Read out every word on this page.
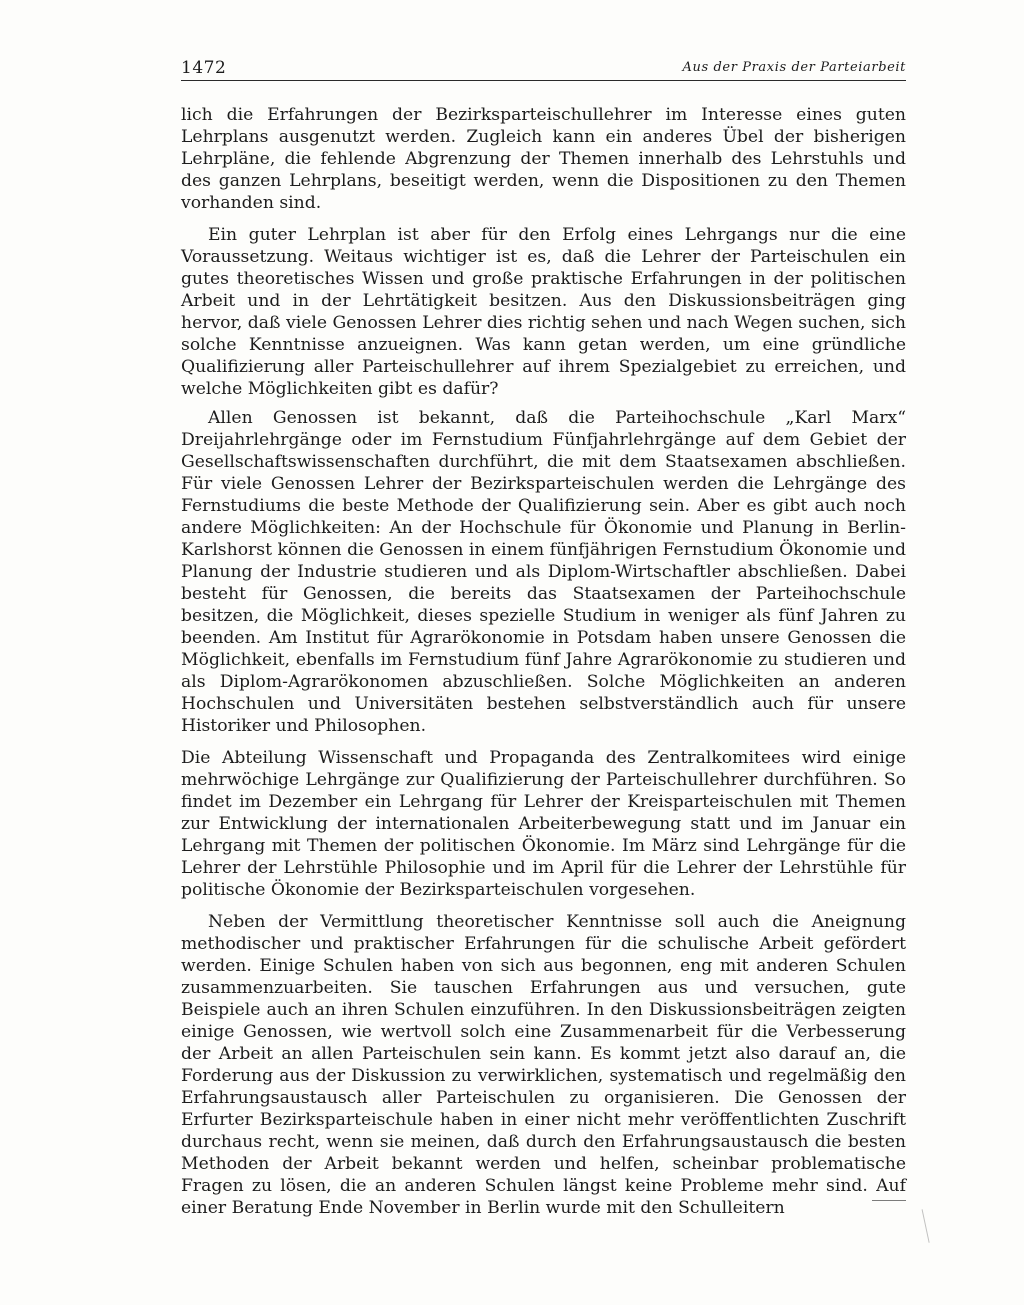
1472	Aus der Praxis der Parteiarbeit

lich die Erfahrungen der Bezirksparteischullehrer im Interesse eines guten Lehrplans ausgenutzt werden. Zugleich kann ein anderes Übel der bisherigen Lehrpläne, die fehlende Abgrenzung der Themen innerhalb des Lehrstuhls und des ganzen Lehrplans, beseitigt werden, wenn die Dispositionen zu den Themen vorhanden sind.

Ein guter Lehrplan ist aber für den Erfolg eines Lehrgangs nur die eine Voraussetzung. Weitaus wichtiger ist es, daß die Lehrer der Parteischulen ein gutes theoretisches Wissen und große praktische Erfahrungen in der politischen Arbeit und in der Lehrtätigkeit besitzen. Aus den Diskussionsbeiträgen ging hervor, daß viele Genossen Lehrer dies richtig sehen und nach Wegen suchen, sich solche Kenntnisse anzueignen. Was kann getan werden, um eine gründliche Qualifizierung aller Parteischullehrer auf ihrem Spezialgebiet zu erreichen, und welche Möglichkeiten gibt es dafür?

Allen Genossen ist bekannt, daß die Parteihochschule „Karl Marx“ Dreijahrlehrgänge oder im Fernstudium Fünfjahrlehrgänge auf dem Gebiet der Gesellschaftswissenschaften durchführt, die mit dem Staatsexamen abschließen. Für viele Genossen Lehrer der Bezirksparteischulen werden die Lehrgänge des Fernstudiums die beste Methode der Qualifizierung sein. Aber es gibt auch noch andere Möglichkeiten: An der Hochschule für Ökonomie und Planung in Berlin-Karlshorst können die Genossen in einem fünfjährigen Fernstudium Ökonomie und Planung der Industrie studieren und als Diplom-Wirtschaftler abschließen. Dabei besteht für Genossen, die bereits das Staatsexamen der Parteihochschule besitzen, die Möglichkeit, dieses spezielle Studium in weniger als fünf Jahren zu beenden. Am Institut für Agrarökonomie in Potsdam haben unsere Genossen die Möglichkeit, ebenfalls im Fernstudium fünf Jahre Agrarökonomie zu studieren und als Diplom-Agrarökonomen abzuschließen. Solche Möglichkeiten an anderen Hochschulen und Universitäten bestehen selbstverständlich auch für unsere Historiker und Philosophen.

Die Abteilung Wissenschaft und Propaganda des Zentralkomitees wird einige mehrwöchige Lehrgänge zur Qualifizierung der Parteischullehrer durchführen. So findet im Dezember ein Lehrgang für Lehrer der Kreisparteischulen mit Themen zur Entwicklung der internationalen Arbeiterbewegung statt und im Januar ein Lehrgang mit Themen der politischen Ökonomie. Im März sind Lehrgänge für die Lehrer der Lehrstühle Philosophie und im April für die Lehrer der Lehrstühle für politische Ökonomie der Bezirksparteischulen vorgesehen.

Neben der Vermittlung theoretischer Kenntnisse soll auch die Aneignung methodischer und praktischer Erfahrungen für die schulische Arbeit gefördert werden. Einige Schulen haben von sich aus begonnen, eng mit anderen Schulen zusammenzuarbeiten. Sie tauschen Erfahrungen aus und versuchen, gute Beispiele auch an ihren Schulen einzuführen. In den Diskussionsbeiträgen zeigten einige Genossen, wie wertvoll solch eine Zusammenarbeit für die Verbesserung der Arbeit an allen Parteischulen sein kann. Es kommt jetzt also darauf an, die Forderung aus der Diskussion zu verwirklichen, systematisch und regelmäßig den Erfahrungsaustausch aller Parteischulen zu organisieren. Die Genossen der Erfurter Bezirksparteischule haben in einer nicht mehr veröffentlichten Zuschrift durchaus recht, wenn sie meinen, daß durch den Erfahrungsaustausch die besten Methoden der Arbeit bekannt werden und helfen, scheinbar problematische Fragen zu lösen, die an anderen Schulen längst keine Probleme mehr sind. Auf einer Beratung Ende November in Berlin wurde mit den Schulleitern
